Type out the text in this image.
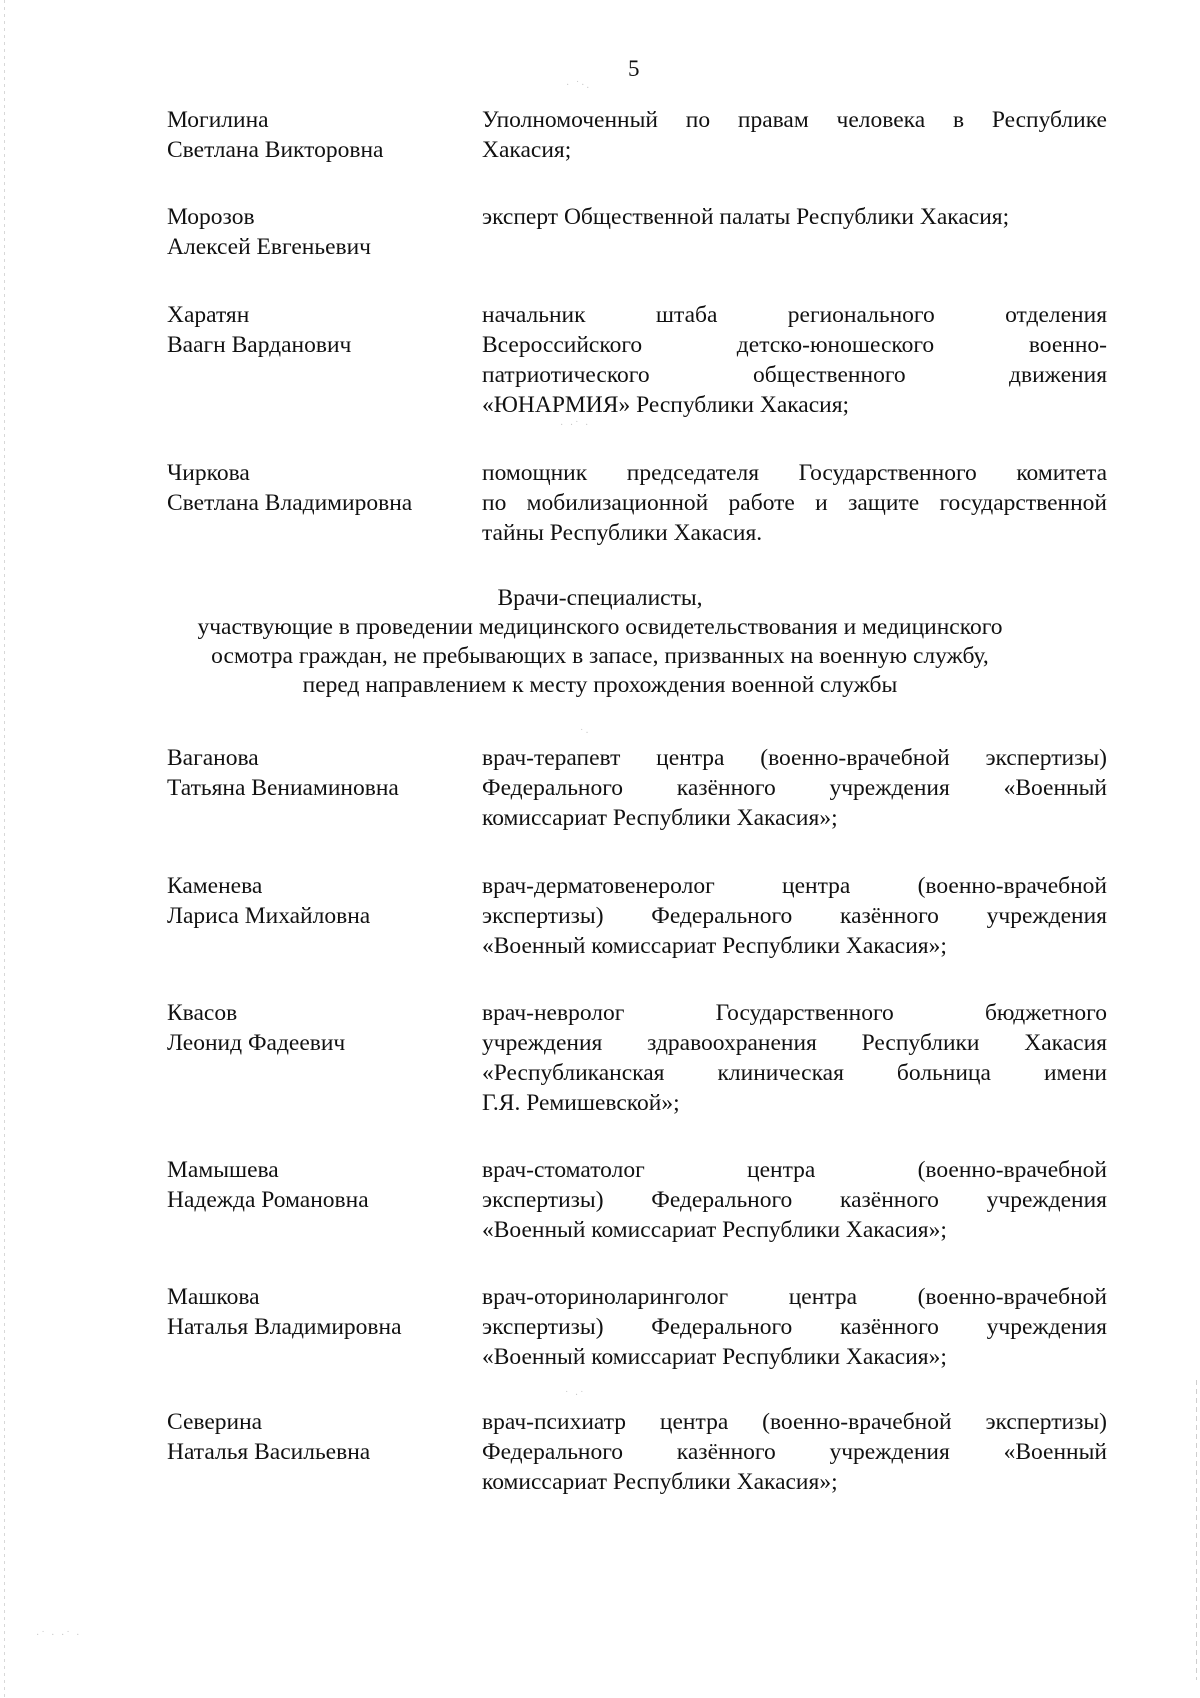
5
· ˙·.
· ·˙ ·
˙·
˙ ·˙
·˙ · ·˙ ·
Могилина
Светлана Викторовна
Уполномоченный по правам человека в Республике
Хакасия;
Морозов
Алексей Евгеньевич
эксперт Общественной палаты Республики Хакасия;
Харатян
Ваагн Варданович
начальник штаба регионального отделения
Всероссийского детско-юношеского военно-
патриотического общественного движения
«ЮНАРМИЯ» Республики Хакасия;
Чиркова
Светлана Владимировна
помощник председателя Государственного комитета
по мобилизационной работе и защите государственной
тайны Республики Хакасия.
Врачи-специалисты,
участвующие в проведении медицинского освидетельствования и медицинского
осмотра граждан, не пребывающих в запасе, призванных на военную службу,
перед направлением к месту прохождения военной службы
Ваганова
Татьяна Вениаминовна
врач-терапевт центра (военно-врачебной экспертизы)
Федерального казённого учреждения «Военный
комиссариат Республики Хакасия»;
Каменева
Лариса Михайловна
врач-дерматовенеролог центра (военно-врачебной
экспертизы) Федерального казённого учреждения
«Военный комиссариат Республики Хакасия»;
Квасов
Леонид Фадеевич
врач-невролог Государственного бюджетного
учреждения здравоохранения Республики Хакасия
«Республиканская клиническая больница имени
Г.Я. Ремишевской»;
Мамышева
Надежда Романовна
врач-стоматолог центра (военно-врачебной
экспертизы) Федерального казённого учреждения
«Военный комиссариат Республики Хакасия»;
Машкова
Наталья Владимировна
врач-оториноларинголог центра (военно-врачебной
экспертизы) Федерального казённого учреждения
«Военный комиссариат Республики Хакасия»;
Северина
Наталья Васильевна
врач-психиатр центра (военно-врачебной экспертизы)
Федерального казённого учреждения «Военный
комиссариат Республики Хакасия»;
